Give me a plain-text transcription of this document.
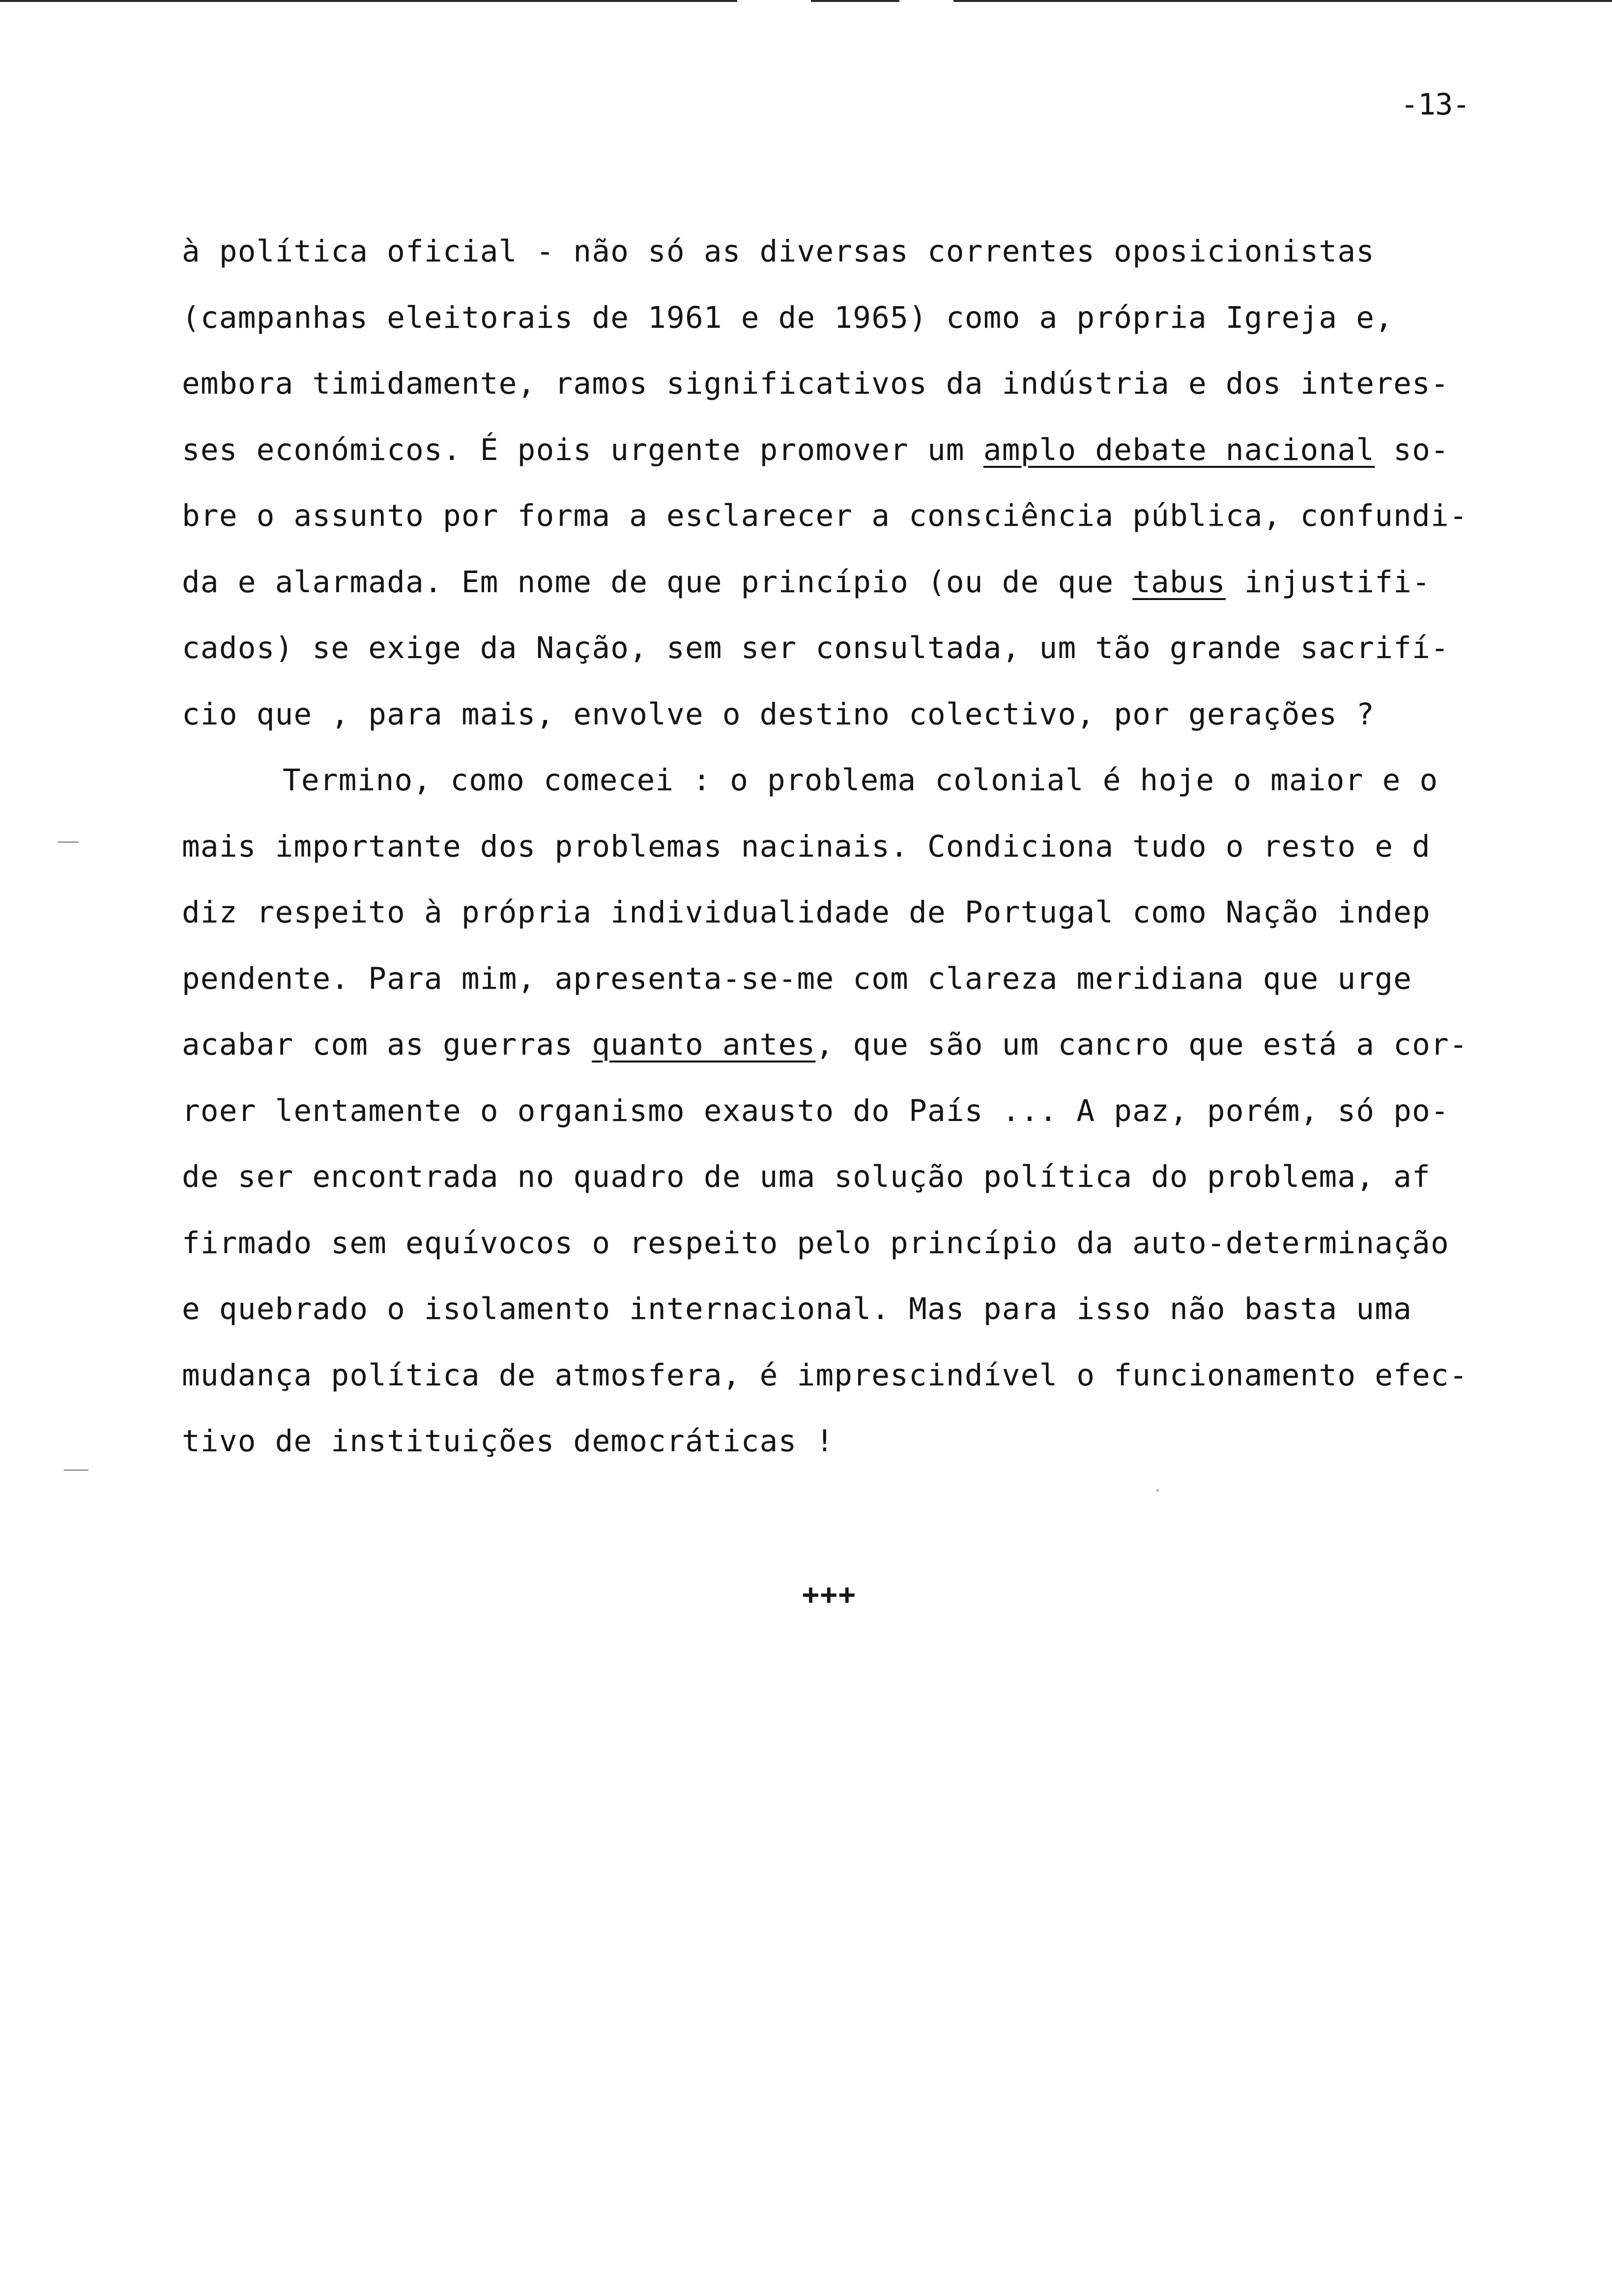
-13-
à política oficial - não só as diversas correntes oposicionistas
(campanhas eleitorais de 1961 e de 1965) como a própria Igreja e,
embora timidamente, ramos significativos da indústria e dos interes-
ses económicos. É pois urgente promover um amplo debate nacional so-
bre o assunto por forma a esclarecer a consciência pública, confundi-
da e alarmada. Em nome de que princípio (ou de que tabus injustifi-
cados) se exige da Nação, sem ser consultada, um tão grande sacrifí-
cio que , para mais, envolve o destino colectivo, por gerações ?
Termino, como comecei : o problema colonial é hoje o maior e o
mais importante dos problemas nacinais. Condiciona tudo o resto e d
diz respeito à própria individualidade de Portugal como Nação indep
pendente. Para mim, apresenta-se-me com clareza meridiana que urge
acabar com as guerras quanto antes, que são um cancro que está a cor-
roer lentamente o organismo exausto do País ... A paz, porém, só po-
de ser encontrada no quadro de uma solução política do problema, af
firmado sem equívocos o respeito pelo princípio da auto-determinação
e quebrado o isolamento internacional. Mas para isso não basta uma
mudança política de atmosfera, é imprescindível o funcionamento efec-
tivo de instituições democráticas !
+++
